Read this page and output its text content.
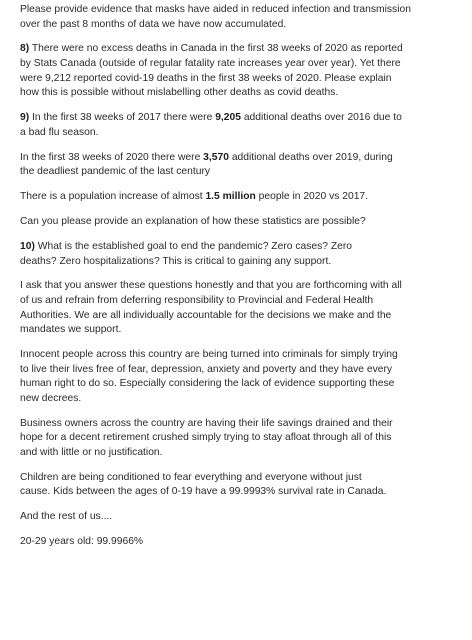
Please provide evidence that masks have aided in reduced infection and transmission
over the past 8 months of data we have now accumulated.

8) There were no excess deaths in Canada in the first 38 weeks of 2020 as reported
by Stats Canada (outside of regular fatality rate increases year over year). Yet there
were 9,212 reported covid-19 deaths in the first 38 weeks of 2020. Please explain
how this is possible without mislabelling other deaths as covid deaths.

9) In the first 38 weeks of 2017 there were 9,205 additional deaths over 2016 due to
a bad flu season.

In the first 38 weeks of 2020 there were 3,570 additional deaths over 2019, during
the deadliest pandemic of the last century

There is a population increase of almost 1.5 million people in 2020 vs 2017.

Can you please provide an explanation of how these statistics are possible?

10) What is the established goal to end the pandemic? Zero cases? Zero
deaths? Zero hospitalizations? This is critical to gaining any support.

I ask that you answer these questions honestly and that you are forthcoming with all
of us and refrain from deferring responsibility to Provincial and Federal Health
Authorities. We are all individually accountable for the decisions we make and the
mandates we support.

Innocent people across this country are being turned into criminals for simply trying
to live their lives free of fear, depression, anxiety and poverty and they have every
human right to do so. Especially considering the lack of evidence supporting these
new decrees.

Business owners across the country are having their life savings drained and their
hope for a decent retirement crushed simply trying to stay afloat through all of this
and with little or no justification.

Children are being conditioned to fear everything and everyone without just
cause. Kids between the ages of 0-19 have a 99.9993% survival rate in Canada.

And the rest of us....

20-29 years old: 99.9966%
